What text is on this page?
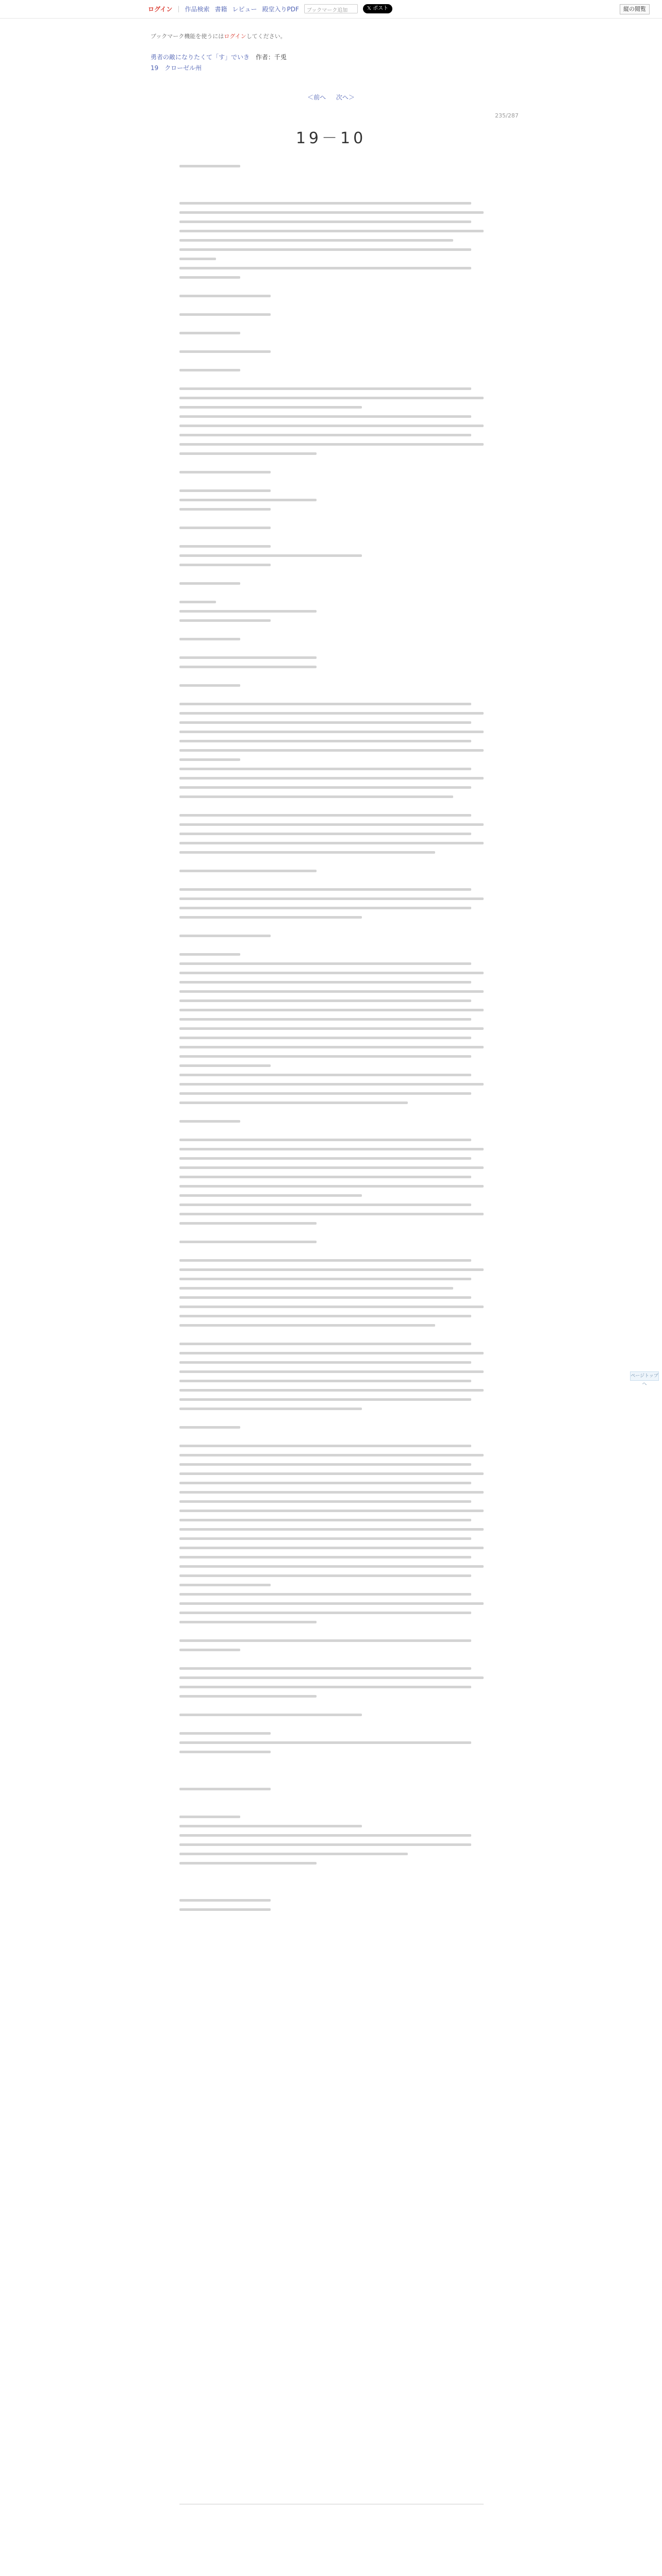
ログイン | 作品検索 書籍 レビュー 殿堂入りPDF	ブックマーク追加	𝕏 ポスト	縦の閲覧
ブックマーク機能を使うにはログインしてください。
勇者の敵になりたくて「す」でいき 作者：千兎
19　クローゼル州
＜前へ 次へ＞
235/287
19－10
ページトップへ
